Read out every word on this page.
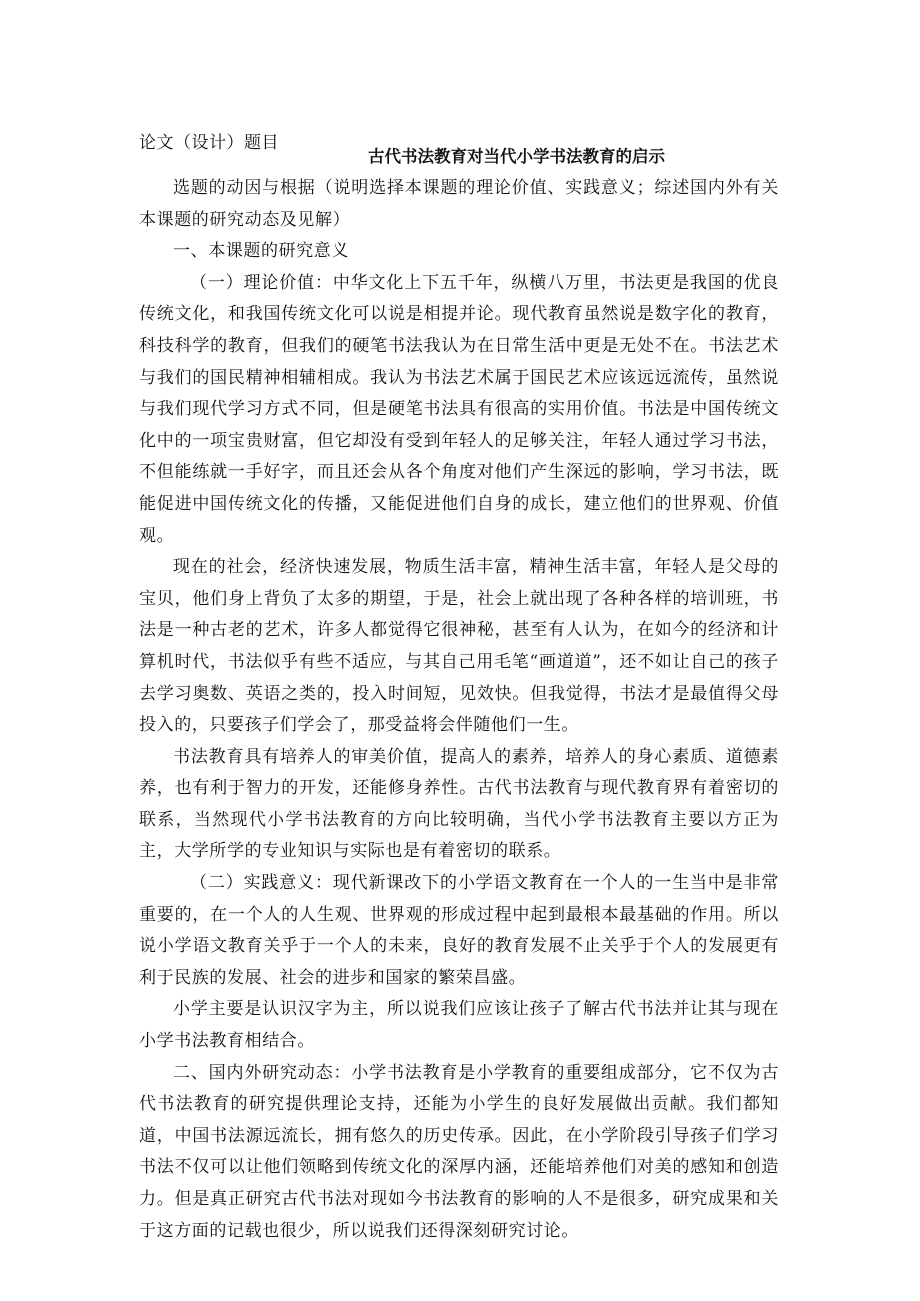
论文（设计）题目
古代书法教育对当代小学书法教育的启示

选题的动因与根据（说明选择本课题的理论价值、实践意义；综述国内外有关本课题的研究动态及见解）

一、本课题的研究意义

（一）理论价值：中华文化上下五千年，纵横八万里，书法更是我国的优良传统文化，和我国传统文化可以说是相提并论。现代教育虽然说是数字化的教育，科技科学的教育，但我们的硬笔书法我认为在日常生活中更是无处不在。书法艺术与我们的国民精神相辅相成。我认为书法艺术属于国民艺术应该远远流传，虽然说与我们现代学习方式不同，但是硬笔书法具有很高的实用价值。书法是中国传统文化中的一项宝贵财富，但它却没有受到年轻人的足够关注，年轻人通过学习书法，不但能练就一手好字，而且还会从各个角度对他们产生深远的影响，学习书法，既能促进中国传统文化的传播，又能促进他们自身的成长，建立他们的世界观、价值观。

现在的社会，经济快速发展，物质生活丰富，精神生活丰富，年轻人是父母的宝贝，他们身上背负了太多的期望，于是，社会上就出现了各种各样的培训班，书法是一种古老的艺术，许多人都觉得它很神秘，甚至有人认为，在如今的经济和计算机时代，书法似乎有些不适应，与其自己用毛笔“画道道”，还不如让自己的孩子去学习奥数、英语之类的，投入时间短，见效快。但我觉得，书法才是最值得父母投入的，只要孩子们学会了，那受益将会伴随他们一生。

书法教育具有培养人的审美价值，提高人的素养，培养人的身心素质、道德素养，也有利于智力的开发，还能修身养性。古代书法教育与现代教育界有着密切的联系，当然现代小学书法教育的方向比较明确，当代小学书法教育主要以方正为主，大学所学的专业知识与实际也是有着密切的联系。

（二）实践意义：现代新课改下的小学语文教育在一个人的一生当中是非常重要的，在一个人的人生观、世界观的形成过程中起到最根本最基础的作用。所以说小学语文教育关乎于一个人的未来，良好的教育发展不止关乎于个人的发展更有利于民族的发展、社会的进步和国家的繁荣昌盛。

小学主要是认识汉字为主，所以说我们应该让孩子了解古代书法并让其与现在小学书法教育相结合。

二、国内外研究动态：小学书法教育是小学教育的重要组成部分，它不仅为古代书法教育的研究提供理论支持，还能为小学生的良好发展做出贡献。我们都知道，中国书法源远流长，拥有悠久的历史传承。因此，在小学阶段引导孩子们学习书法不仅可以让他们领略到传统文化的深厚内涵，还能培养他们对美的感知和创造力。但是真正研究古代书法对现如今书法教育的影响的人不是很多，研究成果和关于这方面的记载也很少，所以说我们还得深刻研究讨论。
